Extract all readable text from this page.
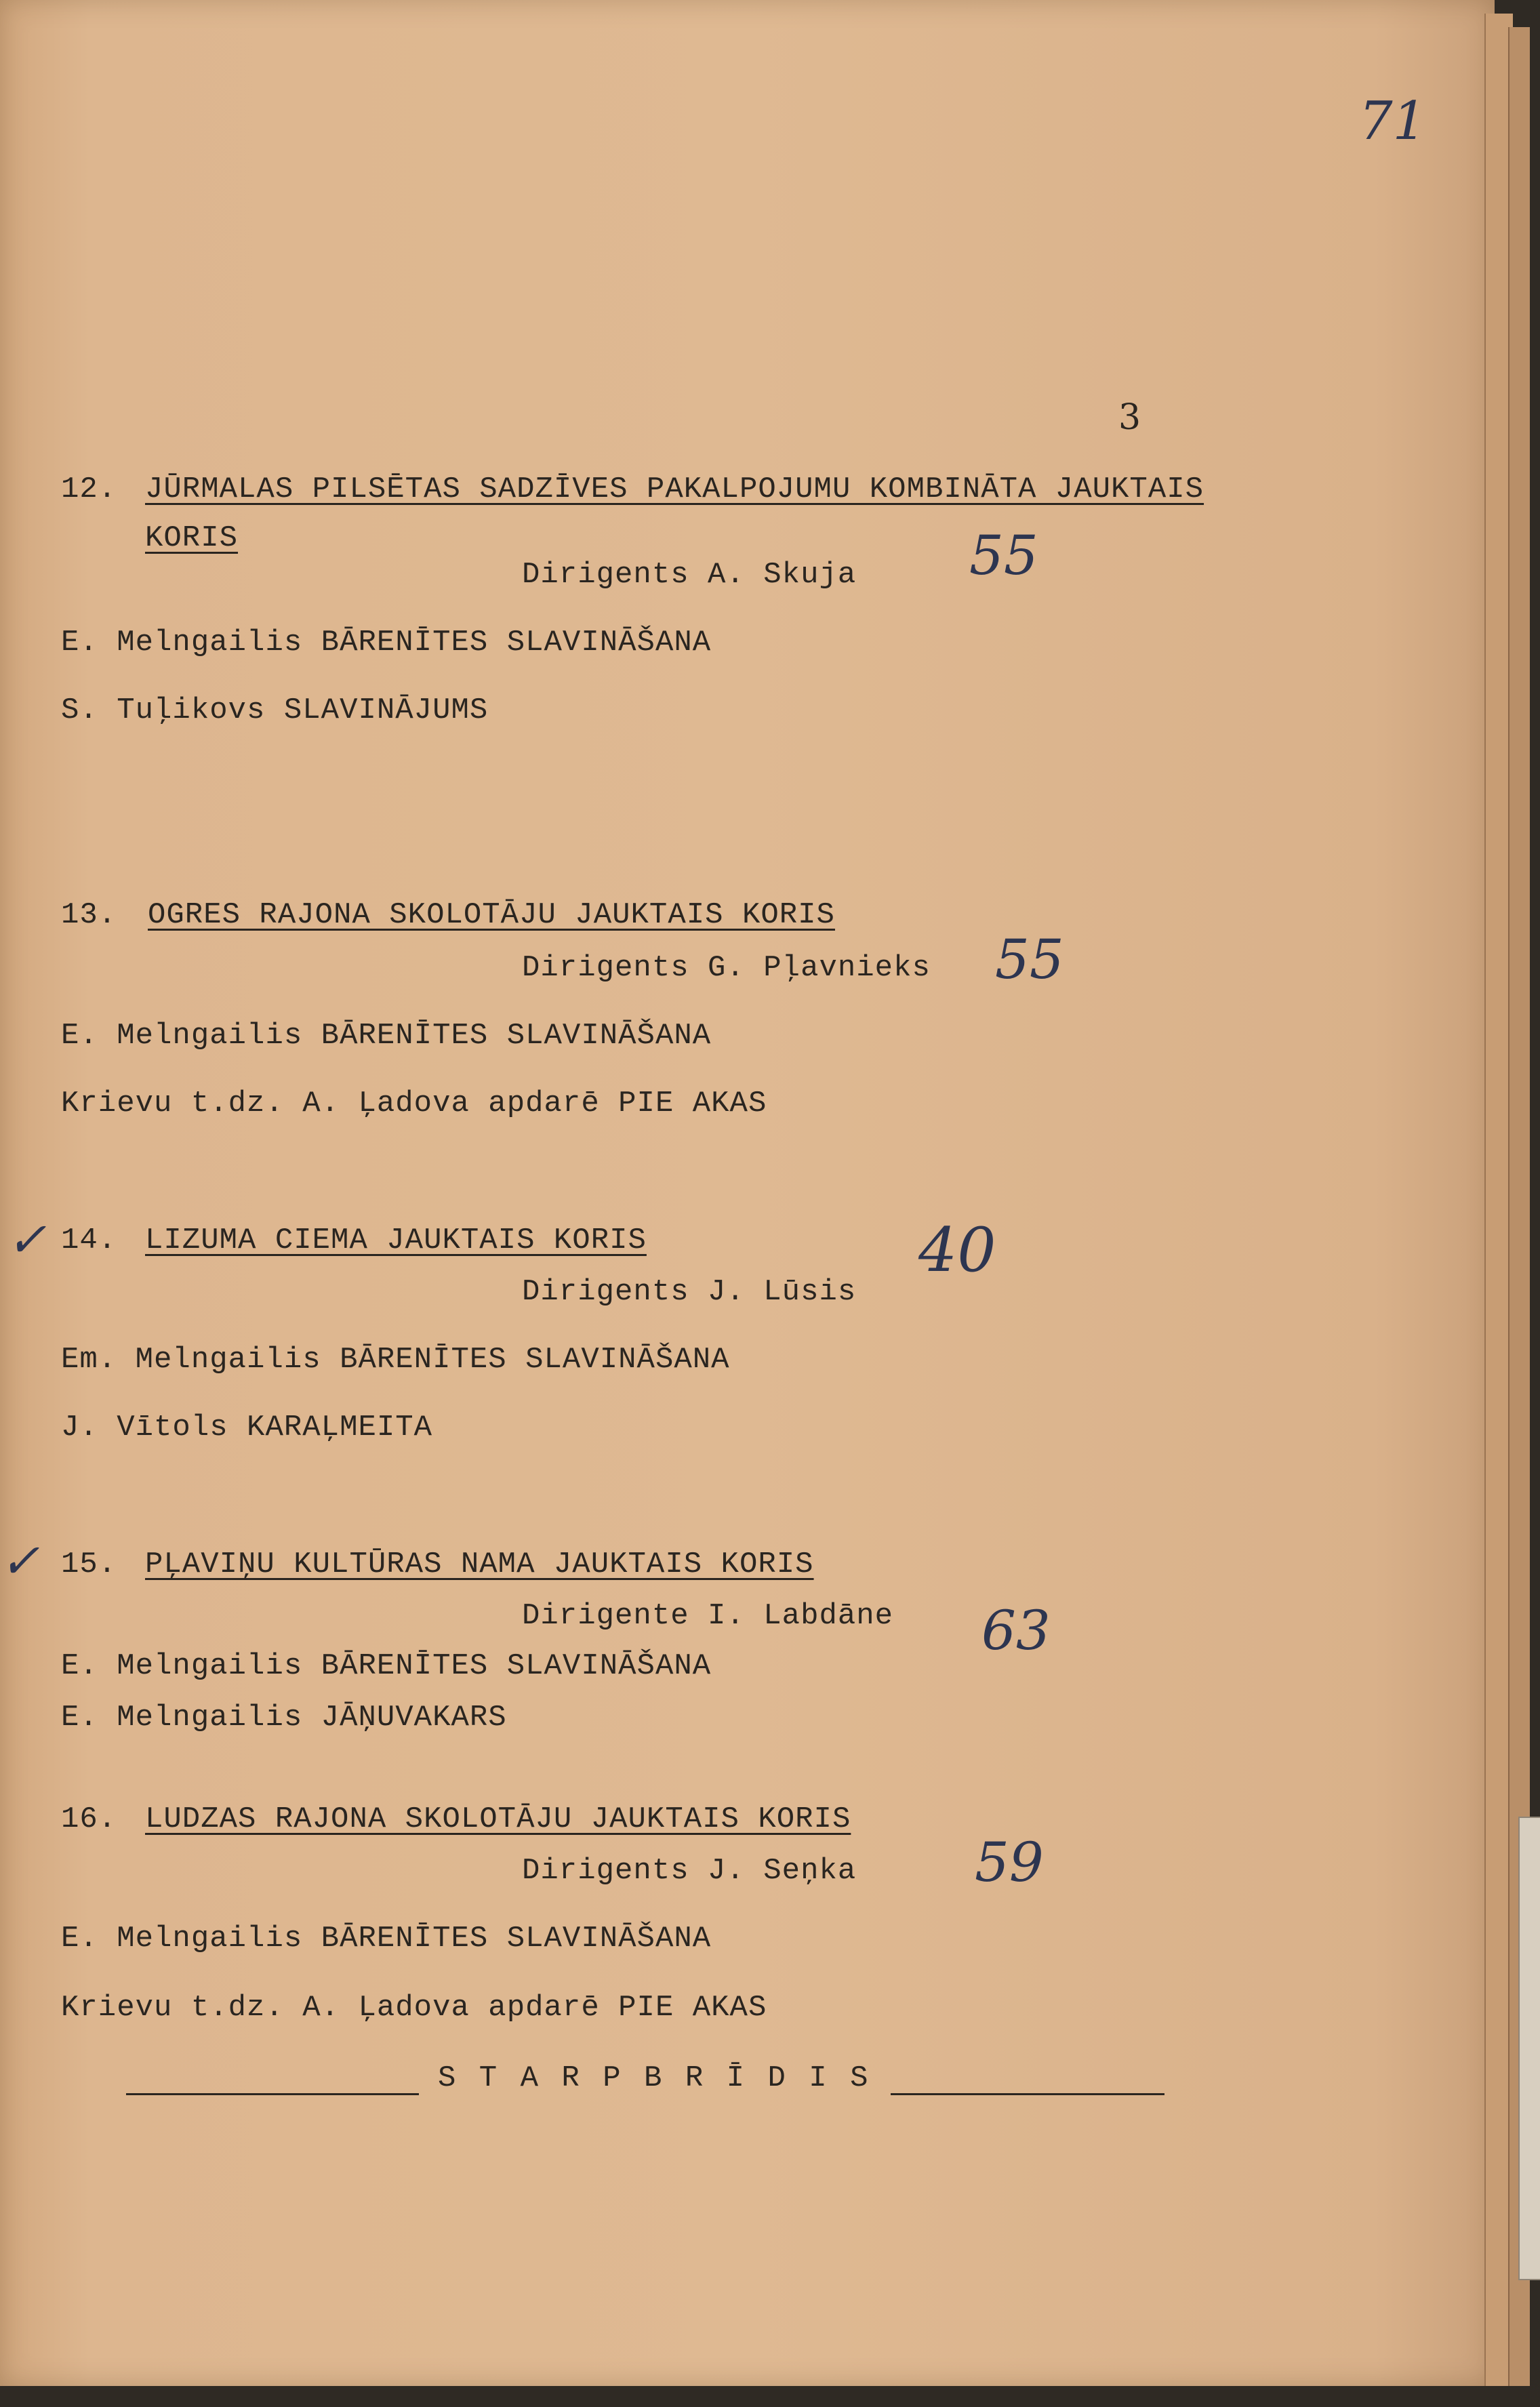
71
3
12. JŪRMALAS PILSĒTAS SADZĪVES PAKALPOJUMU KOMBINĀTA JAUKTAIS
KORIS
Dirigents A. Skuja 55
E. Melngailis BĀRENĪTES SLAVINĀŠANA
S. Tuļikovs SLAVINĀJUMS
13. OGRES RAJONA SKOLOTĀJU JAUKTAIS KORIS
Dirigents G. Pļavnieks 55
E. Melngailis BĀRENĪTES SLAVINĀŠANA
Krievu t.dz. A. Ļadova apdarē PIE AKAS
✓ 14. LIZUMA CIEMA JAUKTAIS KORIS
Dirigents J. Lūsis
40
Em. Melngailis BĀRENĪTES SLAVINĀŠANA
J. Vītols KARAĻMEITA
✓ 15. PĻAVIŅU KULTŪRAS NAMA JAUKTAIS KORIS
Dirigente I. Labdāne 63
E. Melngailis BĀRENĪTES SLAVINĀŠANA
E. Melngailis JĀŅUVAKARS
16. LUDZAS RAJONA SKOLOTĀJU JAUKTAIS KORIS
Dirigents J. Seņka 59
E. Melngailis BĀRENĪTES SLAVINĀŠANA
Krievu t.dz. A. Ļadova apdarē PIE AKAS
S T A R P B R Ī D I S
